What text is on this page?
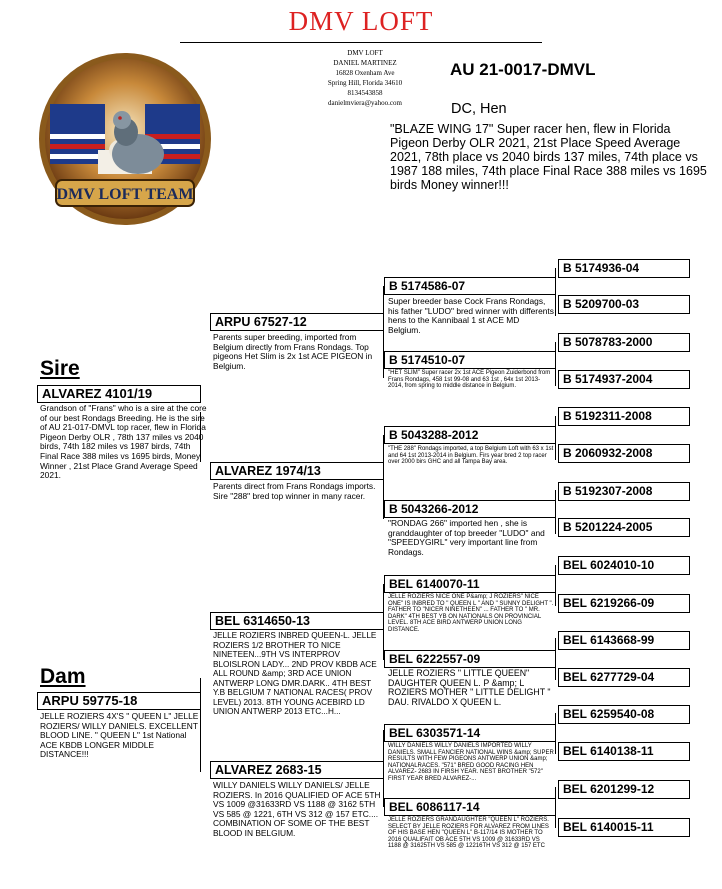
DMV LOFT
DMV LOFT
DANIEL MARTINEZ
16828 Oxenham Ave
Spring Hill, Florida 34610
8134543858
danielmviera@yahoo.com
DMV LOFT TEAM
AU 21-0017-DMVL
DC, Hen
"BLAZE WING 17" Super racer hen, flew in Florida Pigeon Derby OLR 2021, 21st Place Speed Average 2021, 78th place vs 2040 birds 137 miles, 74th place vs 1987 188 miles, 74th place Final Race 388 miles vs 1695 birds Money winner!!!
Sire
ALVAREZ 4101/19
Grandson of "Frans" who is a sire at the core of our best Rondags Breeding. He is the sire of AU 21-017-DMVL top racer, flew in Florida Pigeon Derby OLR , 78th 137 miles vs 2040 birds, 74th 182 miles vs 1987 birds, 74th Final Race 388 miles vs 1695 birds, Money Winner , 21st Place Grand Average Speed 2021.
Dam
ARPU 59775-18
JELLE ROZIERS 4X'S " QUEEN L" JELLE ROZIERS/ WILLY DANIELS. EXCELLENT BLOOD LINE. " QUEEN L" 1st National ACE KBDB LONGER MIDDLE DISTANCE!!!
ARPU 67527-12
Parents super breeding, imported from Belgium directly from Frans Rondags. Top pigeons Het Slim is 2x 1st ACE PIGEON in Belgium.
ALVAREZ 1974/13
Parents direct from Frans Rondags imports. Sire "288" bred top winner in many racer.
BEL 6314650-13
JELLE ROZIERS INBRED QUEEN-L. JELLE ROZIERS 1/2 BROTHER TO NICE NINETEEN...9TH VS INTERPROV BLOISLRON LADY... 2ND PROV KBDB ACE ALL ROUND &amp; 3RD ACE UNION ANTWERP LONG DMR.DARK.. 4TH BEST Y.B BELGIUM 7 NATIONAL RACES( PROV LEVEL) 2013. 8TH YOUNG ACEBIRD LD UNION ANTWERP 2013 ETC...H...
ALVAREZ 2683-15
WILLY DANIELS WILLY DANIELS/ JELLE ROZIERS. In 2016 QUALIFIED OF ACE 5TH VS 1009 @31633RD VS 1188 @ 3162 5TH VS 585 @ 1221, 6TH VS 312 @ 157 ETC.... COMBINATION OF SOME OF THE BEST BLOOD IN BELGIUM.
B 5174586-07
Super breeder base Cock Frans Rondags, his father "LUDO" bred winner with differents hens to the Kannibaal 1 st ACE MD Belgium.
B 5174510-07
"HET SLIM" Super racer 2x 1st ACE Pigeon Zuiderbond from Frans Rondags, 458 1st 99-08 and 63 1st , 64x 1st 2013-2014, from spring to middle distance in Belgium.
B 5043288-2012
"THE 288" Rondags imported, a top Belgium Loft with 63 x 1st and 64 1st 2013-2014 in Belgium. Firs year bred 2 top racer over 2000 birs GHC and all Tampa Bay area.
B 5043266-2012
"RONDAG 266" imported hen , she is granddaughter of top breeder "LUDO" and "SPEEDYGIRL" very important line from Rondags.
BEL 6140070-11
JELLE ROZIERS NICE ONE P&amp; J ROZIERS" NICE ONE" IS INBRED TO " QUEEN L " AND " SUNNY DELIGHT ". FATHER TO "NICER NINETHEEN" ... FATHER TO " MR. DARK" 4TH BEST YB ON NATIONALS ON PROVINCIAL LEVEL. 8TH ACE BIRD ANTWERP UNION LONG DISTANCE.
BEL 6222557-09
JELLE ROZIERS " LITTLE QUEEN" DAUGHTER QUEEN L. P &amp; L ROZIERS MOTHER " LITTLE DELIGHT " DAU. RIVALDO X QUEEN L.
BEL 6303571-14
WILLY DANIELS WILLY DANIELS IMPORTED WILLY DANIELS. SMALL FANCIER NATIONAL WINS &amp; SUPER RESULTS WITH FEW PIGEONS ANTWERP UNION &amp; NATIONALRACES. "571" BRED GOOD RACING HEN ALVAREZ- 2683 IN FIRSH YEAR. NEST BROTHER "572" FIRST YEAR BRED ALVAREZ-...
BEL 6086117-14
JELLE ROZIERS GRANDAUGHTER "QUEEN L" ROZIERS. SELECT BY JELLE ROZIERS FOR ALVAREZ FROM LINES OF HIS BASE HEN "QUEEN L" B-117/14 IS MOTHER TO 2016 QUALIFAIT OB ACE 5TH VS 1009 @ 31633RD VS 1188 @ 31625TH VS 585 @ 12216TH VS 312 @ 157 ETC
B 5174936-04
B 5209700-03
B 5078783-2000
B 5174937-2004
B 5192311-2008
B 2060932-2008
B 5192307-2008
B 5201224-2005
BEL 6024010-10
BEL 6219266-09
BEL 6143668-99
BEL 6277729-04
BEL 6259540-08
BEL 6140138-11
BEL 6201299-12
BEL 6140015-11
